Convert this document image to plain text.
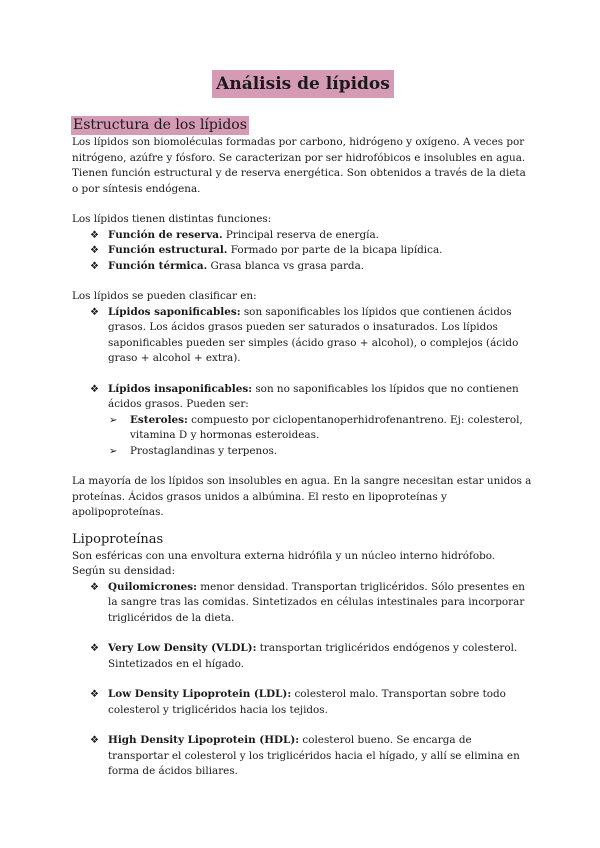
Análisis de lípidos
Estructura de los lípidos

Los lípidos son biomoléculas formadas por carbono, hidrógeno y oxígeno. A veces por nitrógeno, azúfre y fósforo. Se caracterizan por ser hidrofóbicos e insolubles en agua. Tienen función estructural y de reserva energética. Son obtenidos a través de la dieta o por síntesis endógena.

Los lípidos tienen distintas funciones:

❖ Función de reserva. Principal reserva de energía.
❖ Función estructural. Formado por parte de la bicapa lipídica.
❖ Función térmica. Grasa blanca vs grasa parda.

Los lípidos se pueden clasificar en:

❖ Lípidos saponificables: son saponificables los lípidos que contienen ácidos grasos. Los ácidos grasos pueden ser saturados o insaturados. Los lípidos saponificables pueden ser simples (ácido graso + alcohol), o complejos (ácido graso + alcohol + extra).
❖ Lípidos insaponificables: son no saponificables los lípidos que no contienen ácidos grasos. Pueden ser:
➢ Esteroles: compuesto por ciclopentanoperhidrofenantreno. Ej: colesterol, vitamina D y hormonas esteroideas.
➢ Prostaglandinas y terpenos.

La mayoría de los lípidos son insolubles en agua. En la sangre necesitan estar unidos a proteínas. Ácidos grasos unidos a albúmina. El resto en lipoproteínas y apolipoproteínas.

Lipoproteínas

Son esféricas con una envoltura externa hidrófila y un núcleo interno hidrófobo.

Según su densidad:

❖ Quilomicrones: menor densidad. Transportan triglicéridos. Sólo presentes en la sangre tras las comidas. Sintetizados en células intestinales para incorporar triglicéridos de la dieta.
❖ Very Low Density (VLDL): transportan triglicéridos endógenos y colesterol. Sintetizados en el hígado.
❖ Low Density Lipoprotein (LDL): colesterol malo. Transportan sobre todo colesterol y triglicéridos hacia los tejidos.
❖ High Density Lipoprotein (HDL): colesterol bueno. Se encarga de transportar el colesterol y los triglicéridos hacia el hígado, y allí se elimina en forma de ácidos biliares.
